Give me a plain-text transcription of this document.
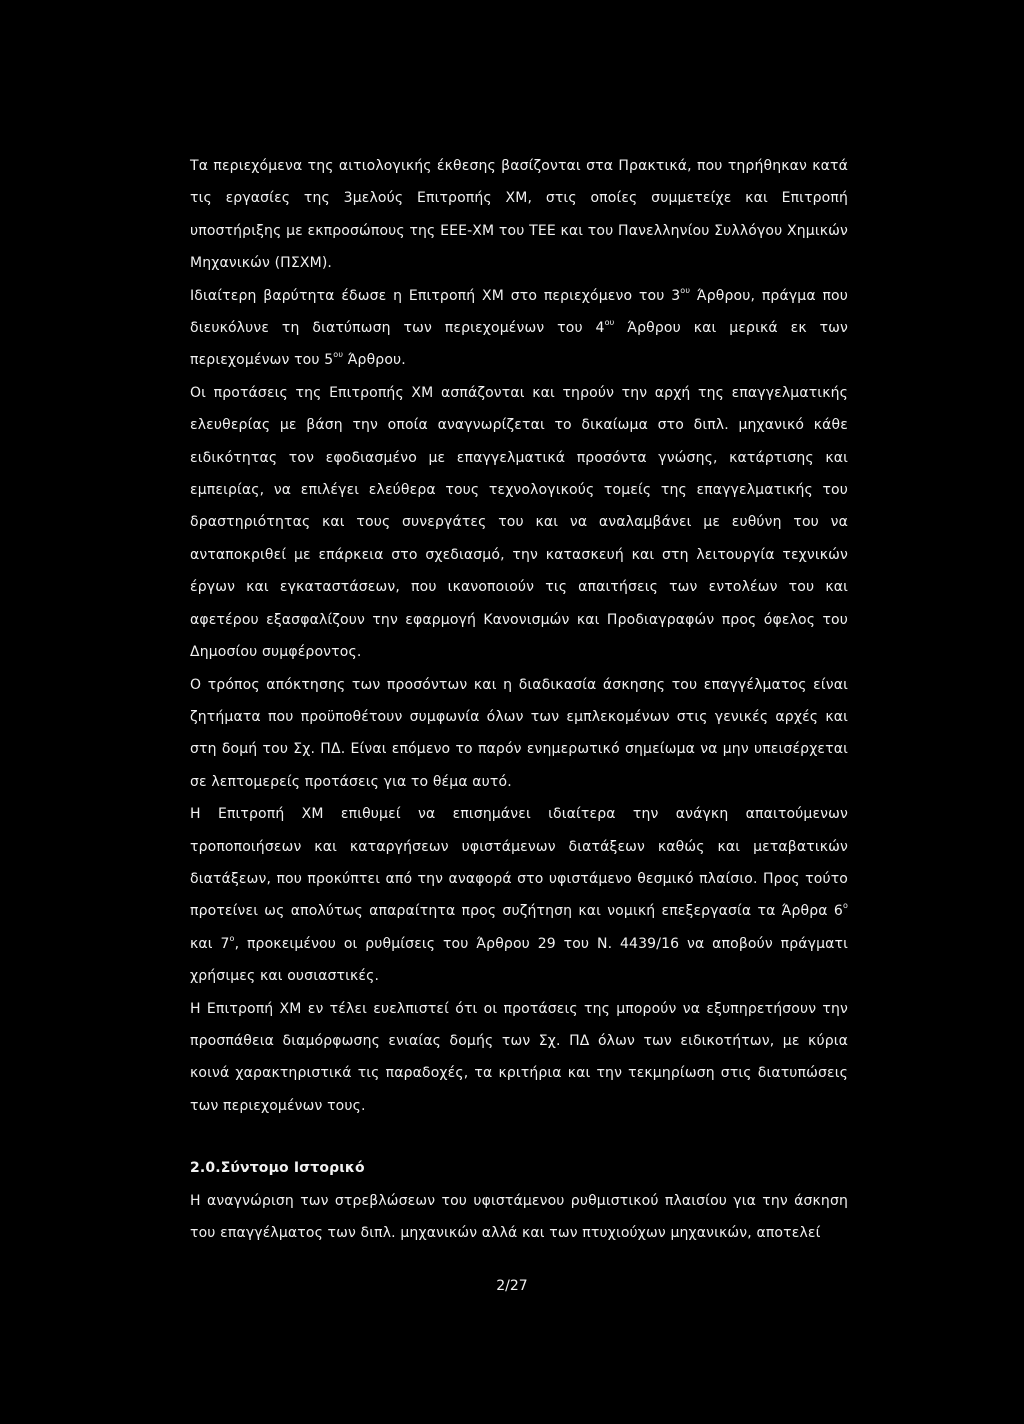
Τα περιεχόμενα της αιτιολογικής έκθεσης βασίζονται στα Πρακτικά, που τηρήθηκαν κατά τις εργασίες της 3μελούς Επιτροπής ΧΜ, στις οποίες συμμετείχε και Επιτροπή υποστήριξης με εκπροσώπους της ΕΕΕ-ΧΜ του ΤΕΕ και του Πανελληνίου Συλλόγου Χημικών Μηχανικών (ΠΣΧΜ).

Ιδιαίτερη βαρύτητα έδωσε η Επιτροπή ΧΜ στο περιεχόμενο του $3^{o\upsilon}$ Άρθρου, πράγμα που διευκόλυνε τη διατύπωση των περιεχομένων του $4^{o\upsilon}$ Άρθρου και μερικά εκ των περιεχομένων του $5^{o\upsilon}$ Άρθρου.

Οι προτάσεις της Επιτροπής ΧΜ ασπάζονται και τηρούν την αρχή της επαγγελματικής ελευθερίας με βάση την οποία αναγνωρίζεται το δικαίωμα στο διπλ. μηχανικό κάθε ειδικότητας τον εφοδιασμένο με επαγγελματικά προσόντα γνώσης, κατάρτισης και εμπειρίας, να επιλέγει ελεύθερα τους τεχνολογικούς τομείς της επαγγελματικής του δραστηριότητας και τους συνεργάτες του και να αναλαμβάνει με ευθύνη του να ανταποκριθεί με επάρκεια στο σχεδιασμό, την κατασκευή και στη λειτουργία τεχνικών έργων και εγκαταστάσεων, που ικανοποιούν τις απαιτήσεις των εντολέων του και αφετέρου εξασφαλίζουν την εφαρμογή Κανονισμών και Προδιαγραφών προς όφελος του Δημοσίου συμφέροντος.

Ο τρόπος απόκτησης των προσόντων και η διαδικασία άσκησης του επαγγέλματος είναι ζητήματα που προϋποθέτουν συμφωνία όλων των εμπλεκομένων στις γενικές αρχές και στη δομή του Σχ. ΠΔ. Είναι επόμενο το παρόν ενημερωτικό σημείωμα να μην υπεισέρχεται σε λεπτομερείς προτάσεις για το θέμα αυτό.

Η Επιτροπή ΧΜ επιθυμεί να επισημάνει ιδιαίτερα την ανάγκη απαιτούμενων τροποποιήσεων και καταργήσεων υφιστάμενων διατάξεων καθώς και μεταβατικών διατάξεων, που προκύπτει από την αναφορά στο υφιστάμενο θεσμικό πλαίσιο. Προς τούτο προτείνει ως απολύτως απαραίτητα προς συζήτηση και νομική επεξεργασία τα Άρθρα $6^o$ και $7^o$, προκειμένου οι ρυθμίσεις του Άρθρου 29 του Ν. 4439/16 να αποβούν πράγματι χρήσιμες και ουσιαστικές.

Η Επιτροπή ΧΜ εν τέλει ευελπιστεί ότι οι προτάσεις της μπορούν να εξυπηρετήσουν την προσπάθεια διαμόρφωσης ενιαίας δομής των Σχ. ΠΔ όλων των ειδικοτήτων, με κύρια κοινά χαρακτηριστικά τις παραδοχές, τα κριτήρια και την τεκμηρίωση στις διατυπώσεις των περιεχομένων τους.

2.0.Σύντομο Ιστορικό

Η αναγνώριση των στρεβλώσεων του υφιστάμενου ρυθμιστικού πλαισίου για την άσκηση του επαγγέλματος των διπλ. μηχανικών αλλά και των πτυχιούχων μηχανικών, αποτελεί

2/27
